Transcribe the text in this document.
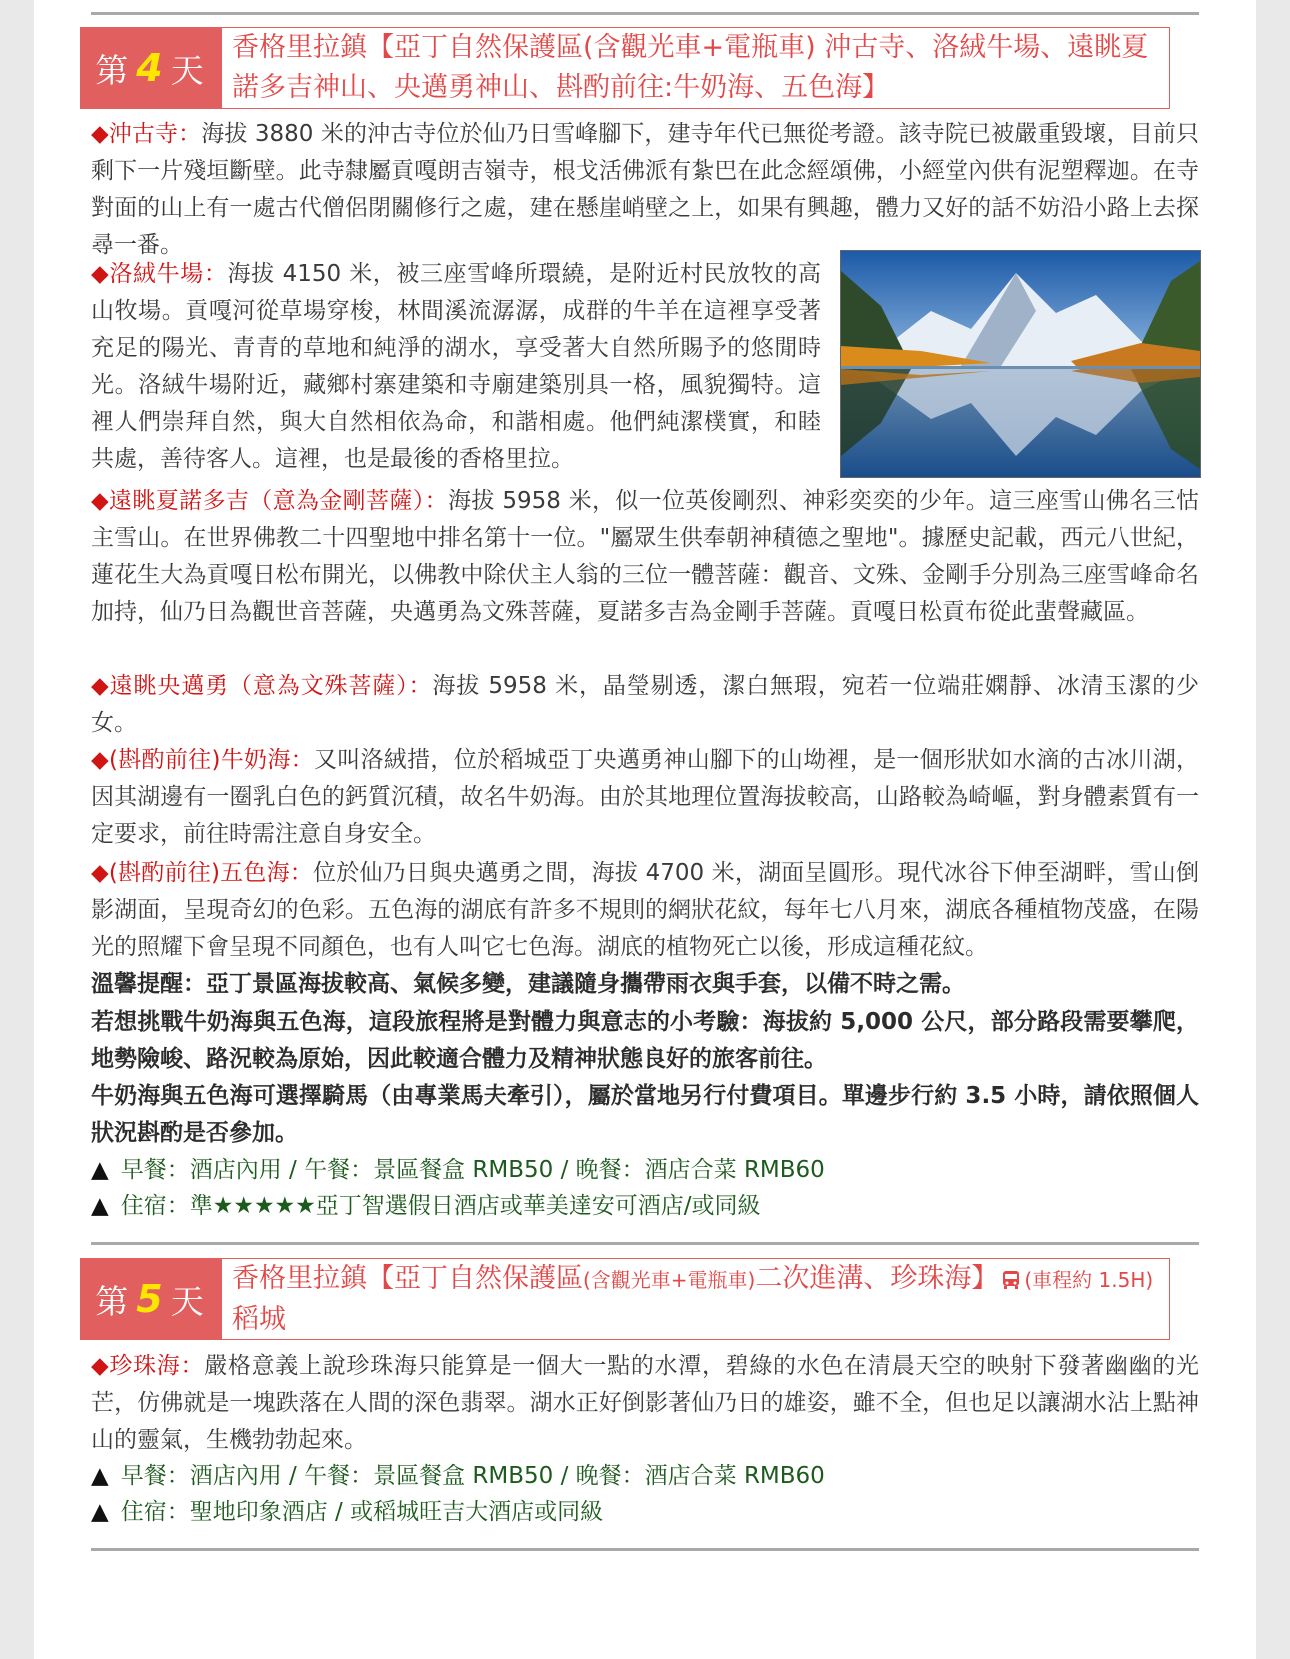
第 4 天
香格里拉鎮【亞丁自然保護區(含觀光車+電瓶車) 沖古寺、洛絨牛場、遠眺夏諾多吉神山、央邁勇神山、斟酌前往:牛奶海、五色海】

◆沖古寺：海拔 3880 米的沖古寺位於仙乃日雪峰腳下，建寺年代已無從考證。該寺院已被嚴重毀壞，目前只剩下一片殘垣斷壁。此寺隸屬貢嘎朗吉嶺寺，根戈活佛派有紮巴在此念經頌佛，小經堂內供有泥塑釋迦。在寺對面的山上有一處古代僧侶閉關修行之處，建在懸崖峭壁之上，如果有興趣，體力又好的話不妨沿小路上去探尋一番。

◆洛絨牛場：海拔 4150 米，被三座雪峰所環繞，是附近村民放牧的高山牧場。貢嘎河從草場穿梭，林間溪流潺潺，成群的牛羊在這裡享受著充足的陽光、青青的草地和純淨的湖水，享受著大自然所賜予的悠閒時光。洛絨牛場附近，藏鄉村寨建築和寺廟建築別具一格，風貌獨特。這裡人們崇拜自然，與大自然相依為命，和諧相處。他們純潔樸實，和睦共處，善待客人。這裡，也是最後的香格里拉。

◆遠眺夏諾多吉（意為金剛菩薩）：海拔 5958 米，似一位英俊剛烈、神彩奕奕的少年。這三座雪山佛名三怙主雪山。在世界佛教二十四聖地中排名第十一位。"屬眾生供奉朝神積德之聖地"。據歷史記載，西元八世紀，蓮花生大為貢嘎日松布開光，以佛教中除伏主人翁的三位一體菩薩：觀音、文殊、金剛手分別為三座雪峰命名加持，仙乃日為觀世音菩薩，央邁勇為文殊菩薩，夏諾多吉為金剛手菩薩。貢嘎日松貢布從此蜚聲藏區。

◆遠眺央邁勇（意為文殊菩薩）：海拔 5958 米，晶瑩剔透，潔白無瑕，宛若一位端莊嫻靜、冰清玉潔的少女。

◆(斟酌前往)牛奶海：又叫洛絨措，位於稻城亞丁央邁勇神山腳下的山坳裡，是一個形狀如水滴的古冰川湖，因其湖邊有一圈乳白色的鈣質沉積，故名牛奶海。由於其地理位置海拔較高，山路較為崎嶇，對身體素質有一定要求，前往時需注意自身安全。

◆(斟酌前往)五色海：位於仙乃日與央邁勇之間，海拔 4700 米，湖面呈圓形。現代冰谷下伸至湖畔，雪山倒影湖面，呈現奇幻的色彩。五色海的湖底有許多不規則的網狀花紋，每年七八月來，湖底各種植物茂盛，在陽光的照耀下會呈現不同顏色，也有人叫它七色海。湖底的植物死亡以後，形成這種花紋。

溫馨提醒：亞丁景區海拔較高、氣候多變，建議隨身攜帶雨衣與手套，以備不時之需。

若想挑戰牛奶海與五色海，這段旅程將是對體力與意志的小考驗：海拔約 5,000 公尺，部分路段需要攀爬，地勢險峻、路況較為原始，因此較適合體力及精神狀態良好的旅客前往。

牛奶海與五色海可選擇騎馬（由專業馬夫牽引），屬於當地另行付費項目。單邊步行約 3.5 小時，請依照個人狀況斟酌是否參加。

▲ 早餐：酒店內用 / 午餐：景區餐盒 RMB50 / 晚餐：酒店合菜 RMB60

▲ 住宿：準★★★★★亞丁智選假日酒店或華美達安可酒店/或同級

第 5 天
香格里拉鎮【亞丁自然保護區(含觀光車+電瓶車)二次進溝、珍珠海】 (車程約 1.5H)
稻城

◆珍珠海：嚴格意義上說珍珠海只能算是一個大一點的水潭，碧綠的水色在清晨天空的映射下發著幽幽的光芒，仿佛就是一塊跌落在人間的深色翡翠。湖水正好倒影著仙乃日的雄姿，雖不全，但也足以讓湖水沾上點神山的靈氣，生機勃勃起來。

▲ 早餐：酒店內用 / 午餐：景區餐盒 RMB50 / 晚餐：酒店合菜 RMB60

▲ 住宿：聖地印象酒店 / 或稻城旺吉大酒店或同級
